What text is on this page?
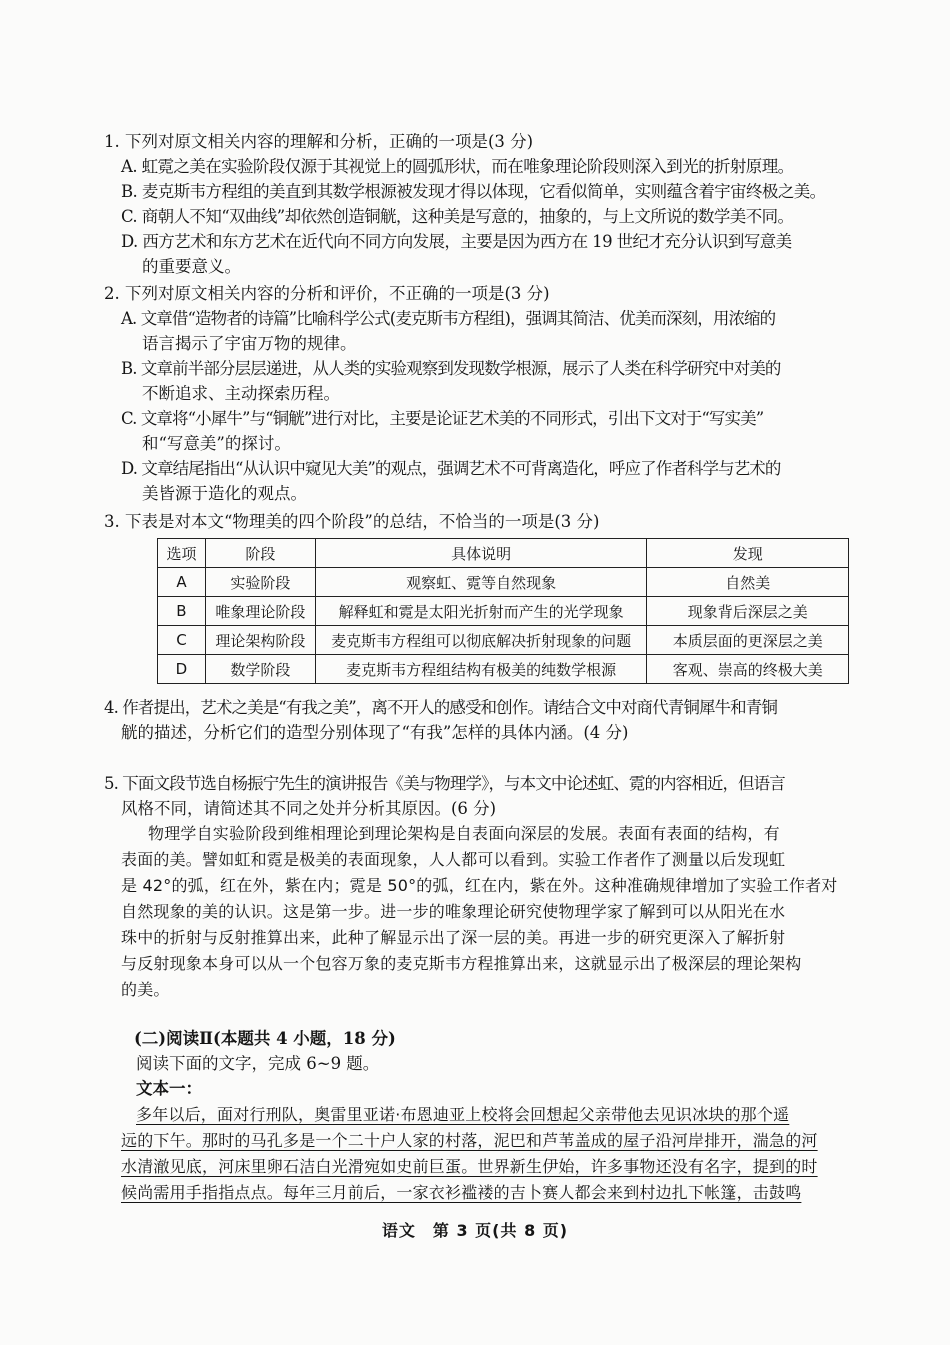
1. 下列对原文相关内容的理解和分析，正确的一项是(3 分)
A. 虹霓之美在实验阶段仅源于其视觉上的圆弧形状，而在唯象理论阶段则深入到光的折射原理。
B. 麦克斯韦方程组的美直到其数学根源被发现才得以体现，它看似简单，实则蕴含着宇宙终极之美。
C. 商朝人不知“双曲线”却依然创造铜觥，这种美是写意的，抽象的，与上文所说的数学美不同。
D. 西方艺术和东方艺术在近代向不同方向发展，主要是因为西方在 19 世纪才充分认识到写意美
的重要意义。
2. 下列对原文相关内容的分析和评价，不正确的一项是(3 分)
A. 文章借“造物者的诗篇”比喻科学公式(麦克斯韦方程组)，强调其简洁、优美而深刻，用浓缩的
语言揭示了宇宙万物的规律。
B. 文章前半部分层层递进，从人类的实验观察到发现数学根源，展示了人类在科学研究中对美的
不断追求、主动探索历程。
C. 文章将“小犀牛”与“铜觥”进行对比，主要是论证艺术美的不同形式，引出下文对于“写实美”
和“写意美”的探讨。
D. 文章结尾指出“从认识中窥见大美”的观点，强调艺术不可背离造化，呼应了作者科学与艺术的
美皆源于造化的观点。
3. 下表是对本文“物理美的四个阶段”的总结，不恰当的一项是(3 分)
选项	阶段	具体说明	发现
A	实验阶段	观察虹、霓等自然现象	自然美
B	唯象理论阶段	解释虹和霓是太阳光折射而产生的光学现象	现象背后深层之美
C	理论架构阶段	麦克斯韦方程组可以彻底解决折射现象的问题	本质层面的更深层之美
D	数学阶段	麦克斯韦方程组结构有极美的纯数学根源	客观、崇高的终极大美
4. 作者提出，艺术之美是“有我之美”，离不开人的感受和创作。请结合文中对商代青铜犀牛和青铜
觥的描述，分析它们的造型分别体现了“有我”怎样的具体内涵。(4 分)
5. 下面文段节选自杨振宁先生的演讲报告《美与物理学》，与本文中论述虹、霓的内容相近，但语言
风格不同，请简述其不同之处并分析其原因。(6 分)
物理学自实验阶段到维相理论到理论架构是自表面向深层的发展。表面有表面的结构，有
表面的美。譬如虹和霓是极美的表面现象，人人都可以看到。实验工作者作了测量以后发现虹
是 42°的弧，红在外，紫在内；霓是 50°的弧，红在内，紫在外。这种准确规律增加了实验工作者对
自然现象的美的认识。这是第一步。进一步的唯象理论研究使物理学家了解到可以从阳光在水
珠中的折射与反射推算出来，此种了解显示出了深一层的美。再进一步的研究更深入了解折射
与反射现象本身可以从一个包容万象的麦克斯韦方程推算出来，这就显示出了极深层的理论架构
的美。
(二)阅读Ⅱ(本题共 4 小题，18 分)
阅读下面的文字，完成 6~9 题。
文本一：
多年以后，面对行刑队，奥雷里亚诺·布恩迪亚上校将会回想起父亲带他去见识冰块的那个遥
远的下午。那时的马孔多是一个二十户人家的村落，泥巴和芦苇盖成的屋子沿河岸排开，湍急的河
水清澈见底，河床里卵石洁白光滑宛如史前巨蛋。世界新生伊始，许多事物还没有名字，提到的时
候尚需用手指指点点。每年三月前后，一家衣衫褴褛的吉卜赛人都会来到村边扎下帐篷，击鼓鸣
语文　第 3 页(共 8 页)
